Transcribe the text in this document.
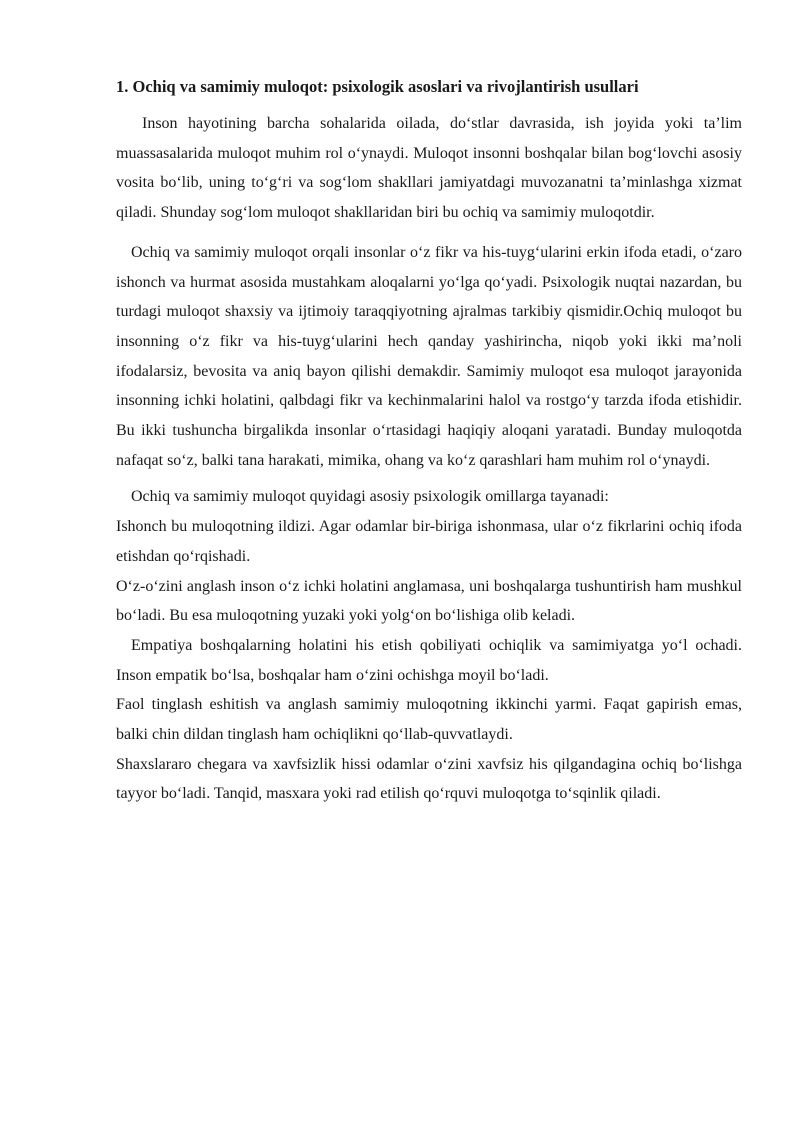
1. Ochiq va samimiy muloqot: psixologik asoslari va rivojlantirish usullari

Inson hayotining barcha sohalarida oilada, do‘stlar davrasida, ish joyida yoki ta’lim muassasalarida muloqot muhim rol o‘ynaydi. Muloqot insonni boshqalar bilan bog‘lovchi asosiy vosita bo‘lib, uning to‘g‘ri va sog‘lom shakllari jamiyatdagi muvozanatni ta’minlashga xizmat qiladi. Shunday sog‘lom muloqot shakllaridan biri bu ochiq va samimiy muloqotdir.

Ochiq va samimiy muloqot orqali insonlar o‘z fikr va his-tuyg‘ularini erkin ifoda etadi, o‘zaro ishonch va hurmat asosida mustahkam aloqalarni yo‘lga qo‘yadi. Psixologik nuqtai nazardan, bu turdagi muloqot shaxsiy va ijtimoiy taraqqiyotning ajralmas tarkibiy qismidir.Ochiq muloqot bu insonning o‘z fikr va his-tuyg‘ularini hech qanday yashirincha, niqob yoki ikki ma’noli ifodalarsiz, bevosita va aniq bayon qilishi demakdir. Samimiy muloqot esa muloqot jarayonida insonning ichki holatini, qalbdagi fikr va kechinmalarini halol va rostgo‘y tarzda ifoda etishidir. Bu ikki tushuncha birgalikda insonlar o‘rtasidagi haqiqiy aloqani yaratadi. Bunday muloqotda nafaqat so‘z, balki tana harakati, mimika, ohang va ko‘z qarashlari ham muhim rol o‘ynaydi.

Ochiq va samimiy muloqot quyidagi asosiy psixologik omillarga tayanadi:

Ishonch bu muloqotning ildizi. Agar odamlar bir-biriga ishonmasa, ular o‘z fikrlarini ochiq ifoda etishdan qo‘rqishadi.

O‘z-o‘zini anglash inson o‘z ichki holatini anglamasa, uni boshqalarga tushuntirish ham mushkul bo‘ladi. Bu esa muloqotning yuzaki yoki yolg‘on bo‘lishiga olib keladi.

Empatiya boshqalarning holatini his etish qobiliyati ochiqlik va samimiyatga yo‘l ochadi. Inson empatik bo‘lsa, boshqalar ham o‘zini ochishga moyil bo‘ladi.

Faol tinglash eshitish va anglash samimiy muloqotning ikkinchi yarmi. Faqat gapirish emas, balki chin dildan tinglash ham ochiqlikni qo‘llab-quvvatlaydi.

Shaxslararo chegara va xavfsizlik hissi odamlar o‘zini xavfsiz his qilgandagina ochiq bo‘lishga tayyor bo‘ladi. Tanqid, masxara yoki rad etilish qo‘rquvi muloqotga to‘sqinlik qiladi.
